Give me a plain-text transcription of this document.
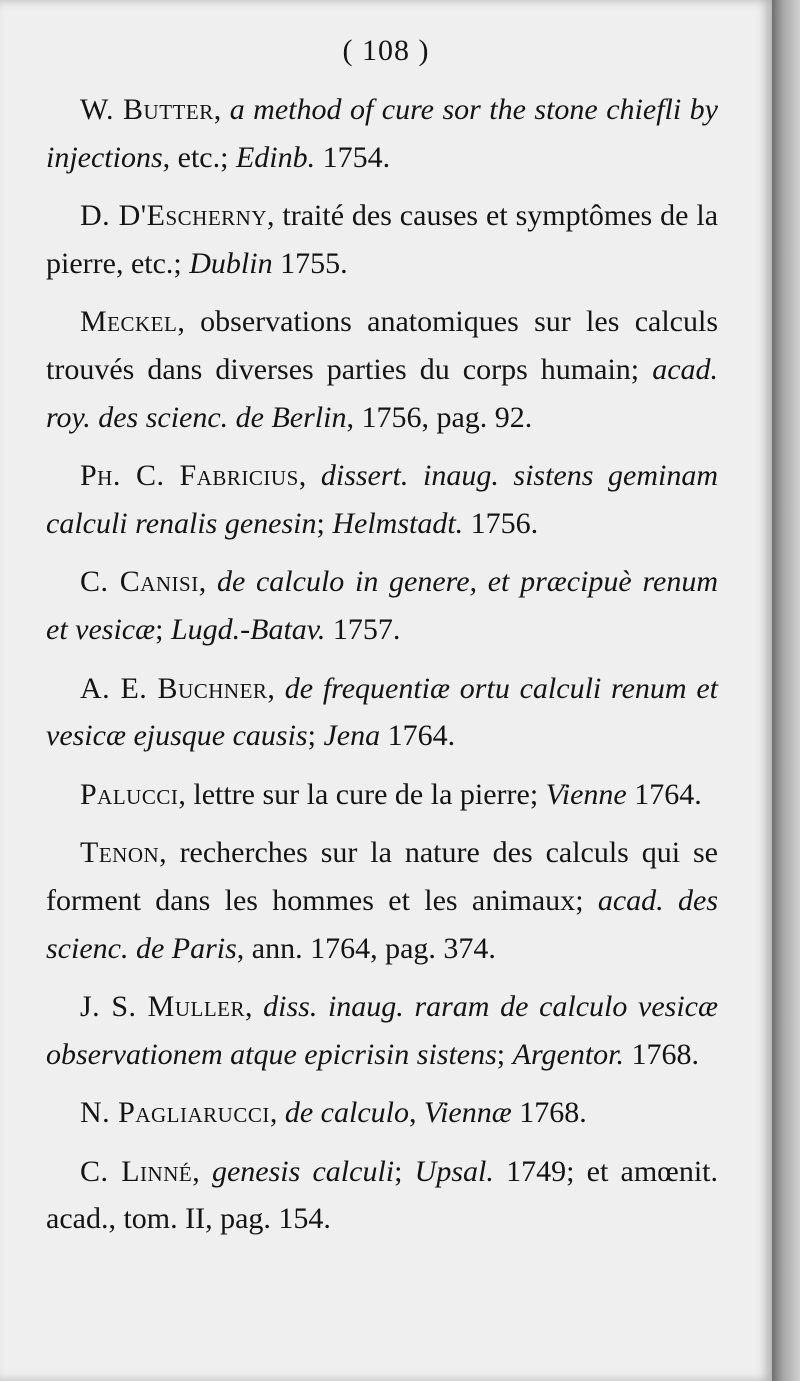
( 108 )

W. Butter, a method of cure sor the stone chiefli by injections, etc.; Edinb. 1754.

D. D'Escherny, traité des causes et symptômes de la pierre, etc.; Dublin 1755.

Meckel, observations anatomiques sur les calculs trouvés dans diverses parties du corps humain; acad. roy. des scienc. de Berlin, 1756, pag. 92.

Ph. C. Fabricius, dissert. inaug. sistens geminam calculi renalis genesin; Helmstadt. 1756.

C. Canisi, de calculo in genere, et præcipuè renum et vesicæ; Lugd.-Batav. 1757.

A. E. Buchner, de frequentiæ ortu calculi renum et vesicæ ejusque causis; Jena 1764.

Palucci, lettre sur la cure de la pierre; Vienne 1764.

Tenon, recherches sur la nature des calculs qui se forment dans les hommes et les animaux; acad. des scienc. de Paris, ann. 1764, pag. 374.

J. S. Muller, diss. inaug. raram de calculo vesicæ observationem atque epicrisin sistens; Argentor. 1768.

N. Pagliarucci, de calculo, Viennæ 1768.

C. Linné, genesis calculi; Upsal. 1749; et amœnit. acad., tom. II, pag. 154.
